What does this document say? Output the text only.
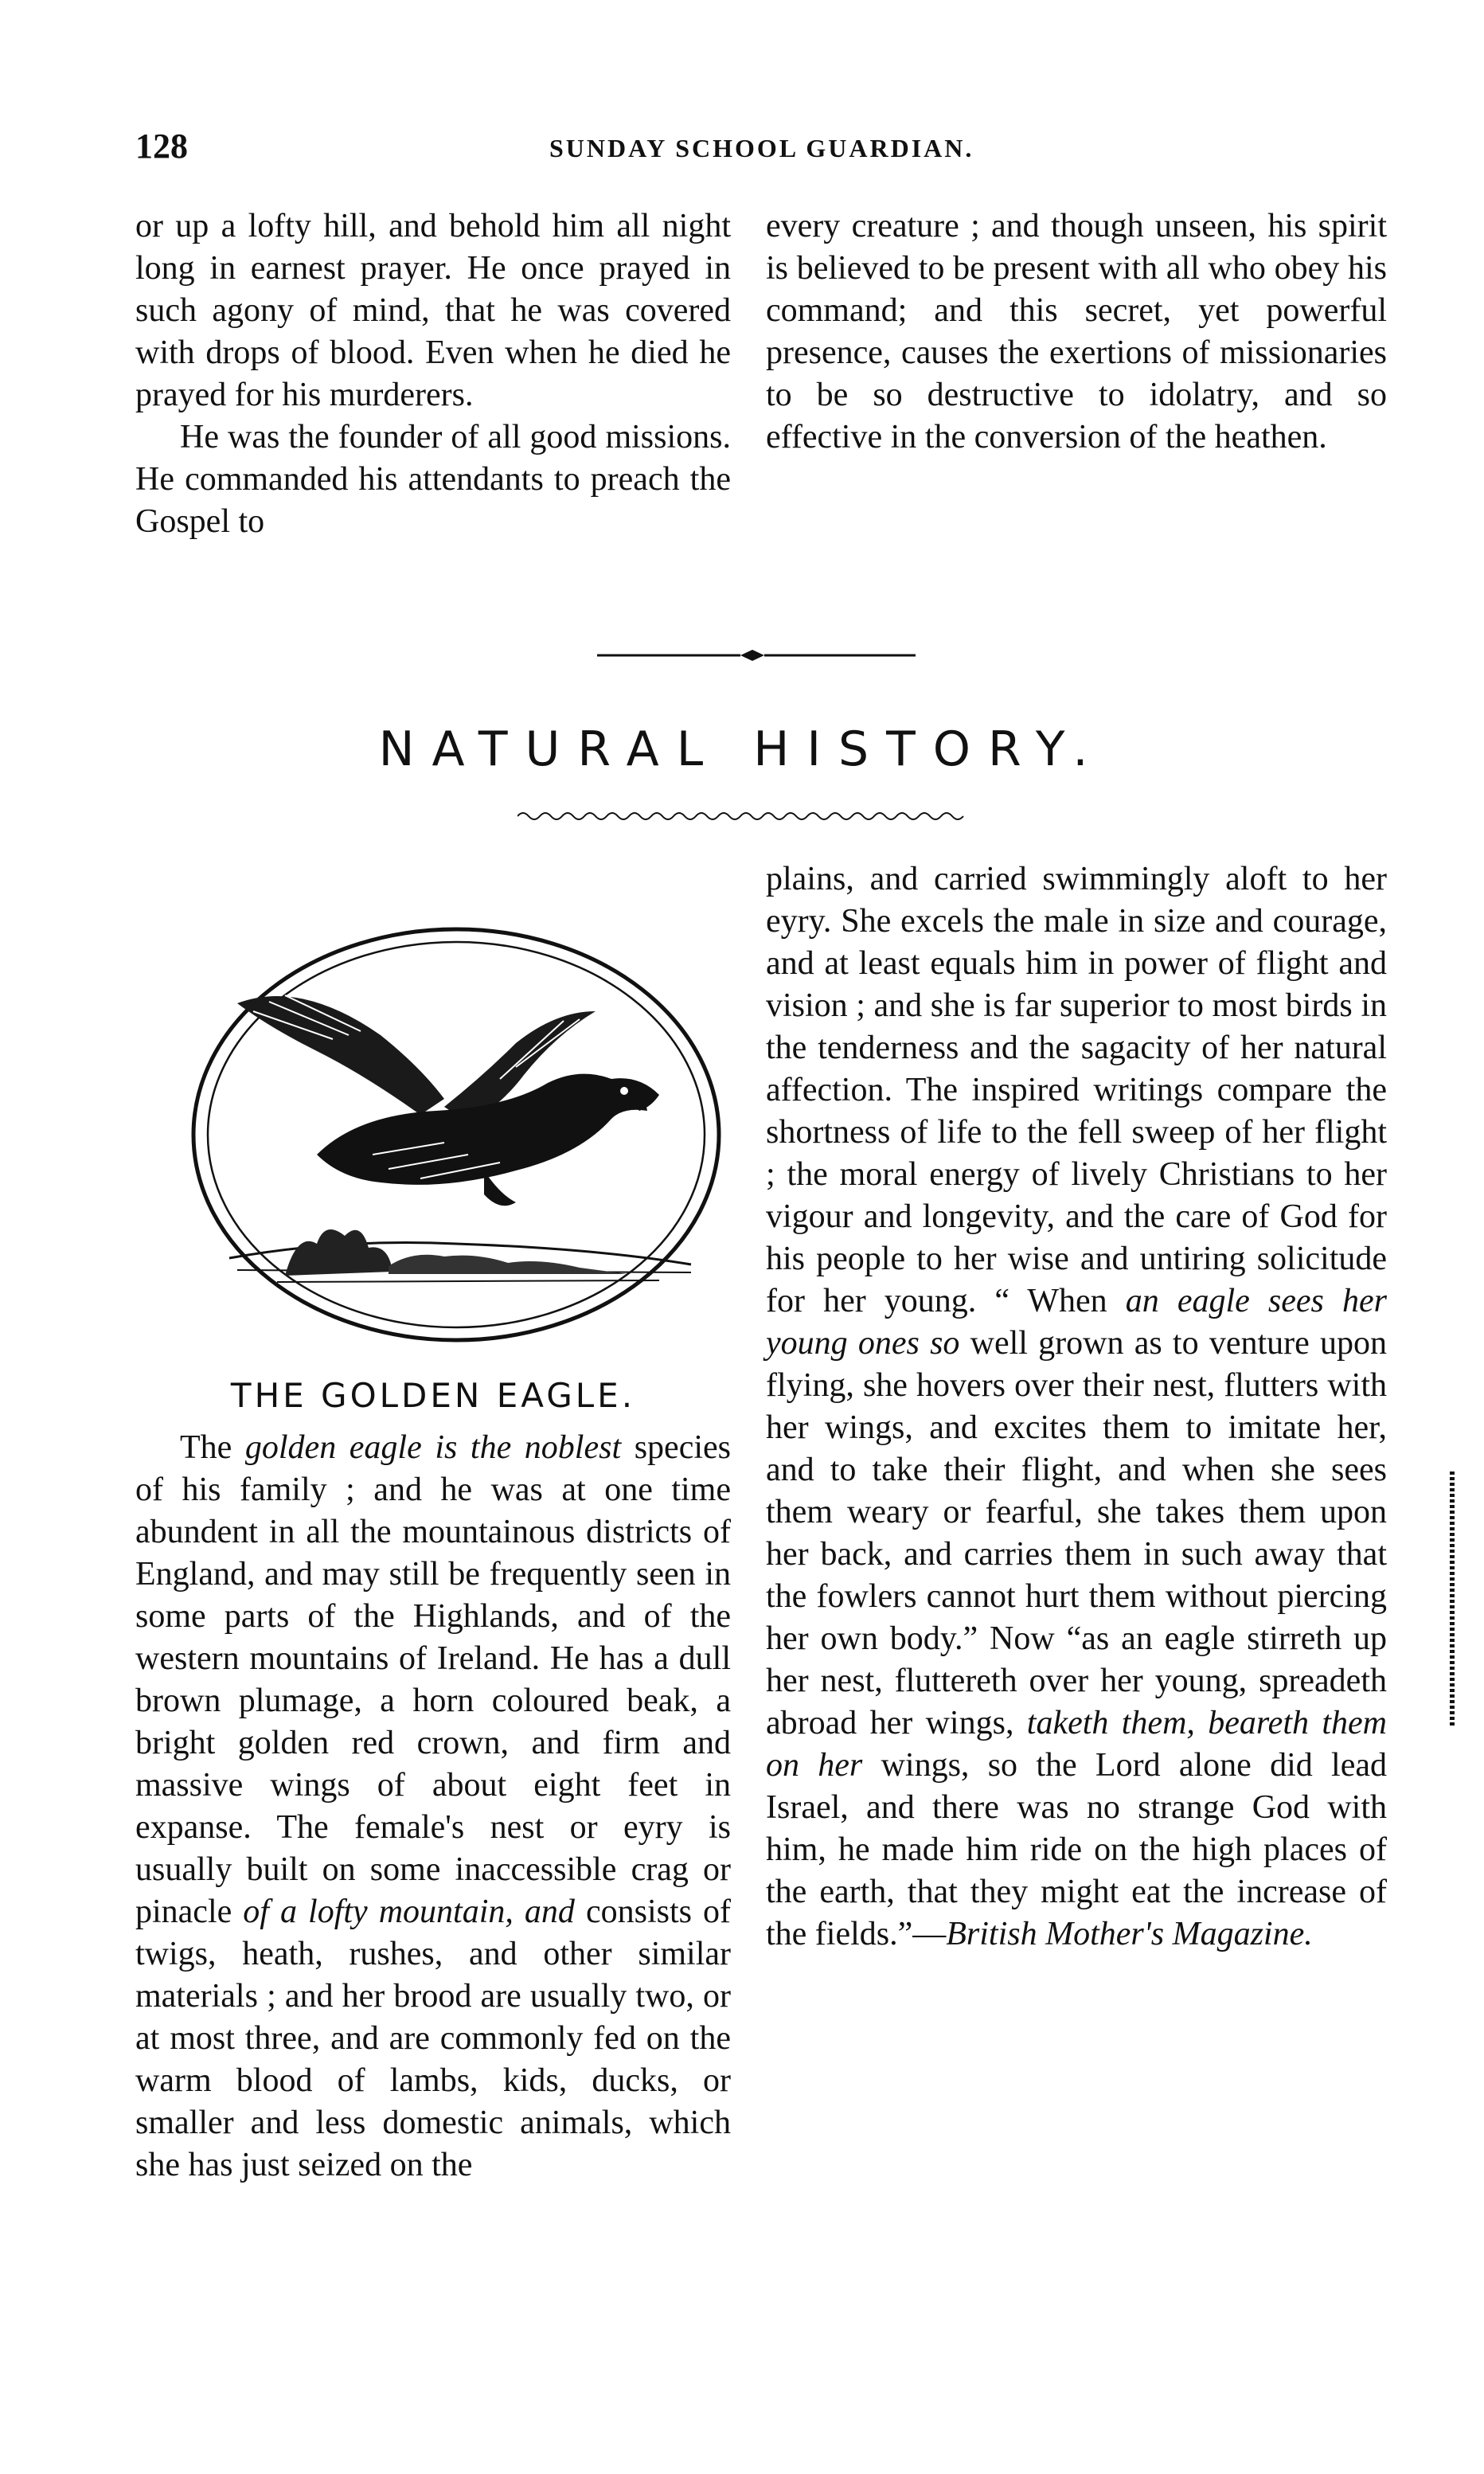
128	SUNDAY SCHOOL GUARDIAN.

or up a lofty hill, and behold him all night long in earnest prayer. He once prayed in such agony of mind, that he was covered with drops of blood. Even when he died he prayed for his murderers.

He was the founder of all good missions. He commanded his attendants to preach the Gospel to

every creature ; and though unseen, his spirit is believed to be present with all who obey his command; and this secret, yet powerful presence, causes the exertions of missionaries to be so destructive to idolatry, and so effective in the conversion of the heathen.

NATURAL HISTORY.
THE GOLDEN EAGLE.

The golden eagle is the noblest species of his family ; and he was at one time abundent in all the mountainous districts of England, and may still be frequently seen in some parts of the Highlands, and of the western mountains of Ireland. He has a dull brown plumage, a horn coloured beak, a bright golden red crown, and firm and massive wings of about eight feet in expanse. The female's nest or eyry is usually built on some inaccessible crag or pinacle of a lofty mountain, and consists of twigs, heath, rushes, and other similar materials ; and her brood are usually two, or at most three, and are commonly fed on the warm blood of lambs, kids, ducks, or smaller and less domestic animals, which she has just seized on the

plains, and carried swimmingly aloft to her eyry. She excels the male in size and courage, and at least equals him in power of flight and vision ; and she is far superior to most birds in the tenderness and the sagacity of her natural affection. The inspired writings compare the shortness of life to the fell sweep of her flight ; the moral energy of lively Christians to her vigour and longevity, and the care of God for his people to her wise and untiring solicitude for her young. “ When an eagle sees her young ones so well grown as to venture upon flying, she hovers over their nest, flutters with her wings, and excites them to imitate her, and to take their flight, and when she sees them weary or fearful, she takes them upon her back, and carries them in such away that the fowlers cannot hurt them without piercing her own body.” Now “as an eagle stirreth up her nest, fluttereth over her young, spreadeth abroad her wings, taketh them, beareth them on her wings, so the Lord alone did lead Israel, and there was no strange God with him, he made him ride on the high places of the earth, that they might eat the increase of the fields.”—British Mother's Magazine.
